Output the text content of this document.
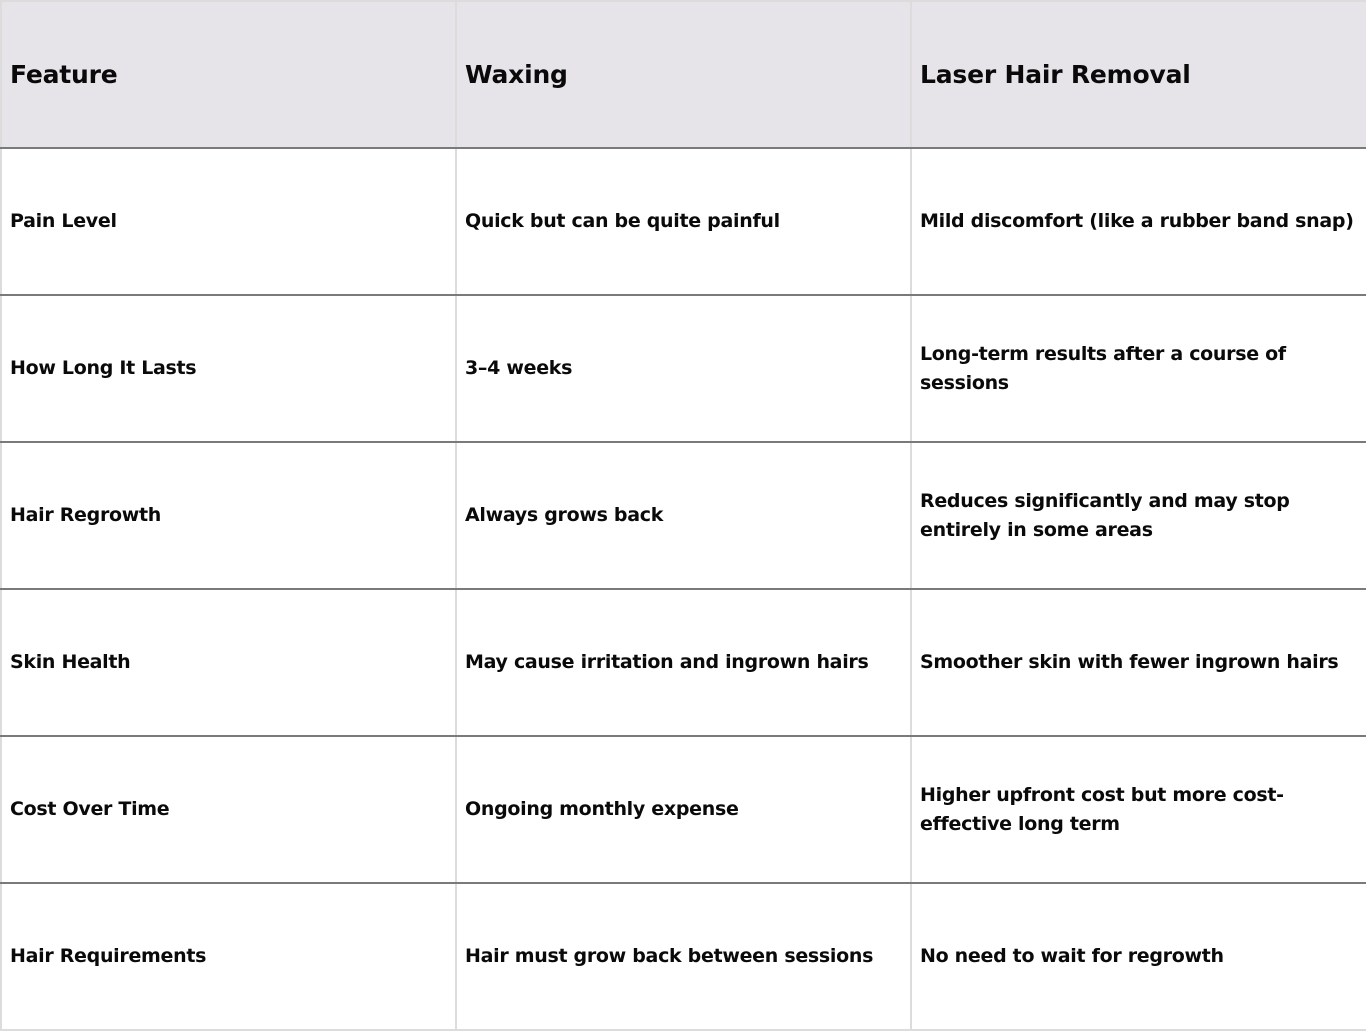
Feature	Waxing	Laser Hair Removal
Pain Level	Quick but can be quite painful	Mild discomfort (like a rubber band snap)
How Long It Lasts	3–4 weeks	Long-term results after a course of sessions
Hair Regrowth	Always grows back	Reduces significantly and may stop entirely in some areas
Skin Health	May cause irritation and ingrown hairs	Smoother skin with fewer ingrown hairs
Cost Over Time	Ongoing monthly expense	Higher upfront cost but more cost-effective long term
Hair Requirements	Hair must grow back between sessions	No need to wait for regrowth
